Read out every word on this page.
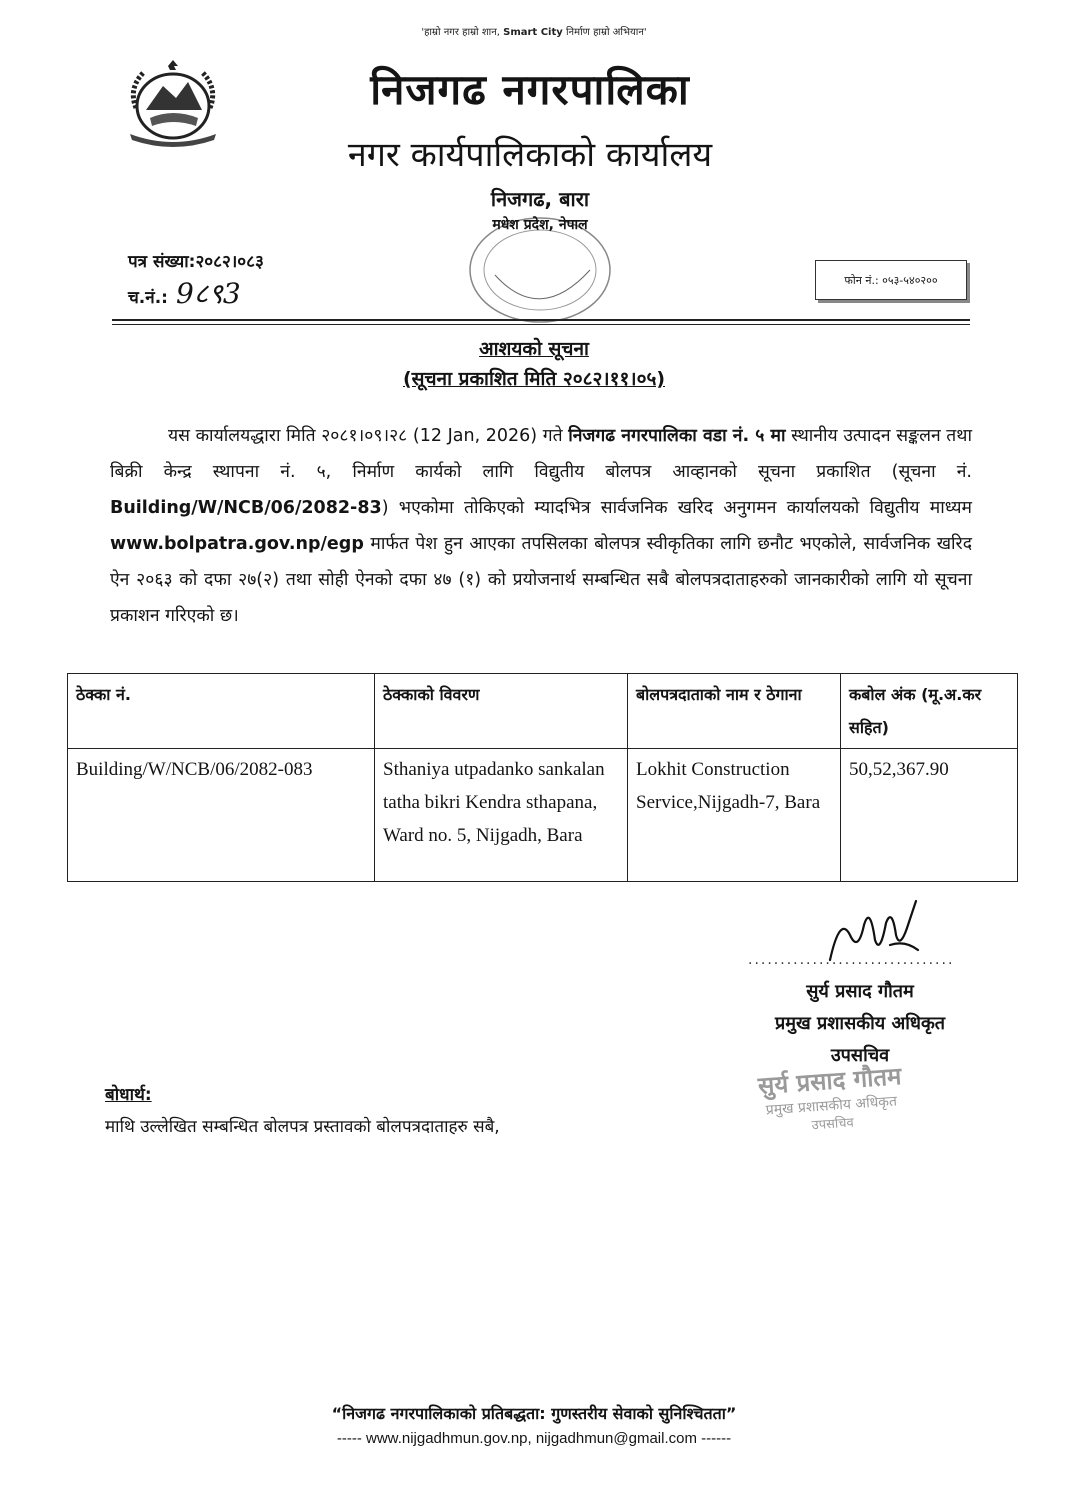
'हाम्रो नगर हाम्रो शान, Smart City निर्माण हाम्रो अभियान'
निजगढ नगरपालिका
नगर कार्यपालिकाको कार्यालय
निजगढ, बारा
मधेश प्रदेश, नेपाल
पत्र संख्या:२०८२।०८३
च.नं.: 9८९3	फोन नं.: ०५३-५४०२००
आशयको सूचना
(सूचना प्रकाशित मिति २०८२।११।०५)
यस कार्यालयद्धारा मिति २०८१।०९।२८ (12 Jan, 2026) गते निजगढ नगरपालिका वडा नं. ५ मा स्थानीय उत्पादन सङ्कलन तथा बिक्री केन्द्र स्थापना नं. ५, निर्माण कार्यको लागि विद्युतीय बोलपत्र आव्हानको सूचना प्रकाशित (सूचना नं. Building/W/NCB/06/2082-83) भएकोमा तोकिएको म्यादभित्र सार्वजनिक खरिद अनुगमन कार्यालयको विद्युतीय माध्यम www.bolpatra.gov.np/egp मार्फत पेश हुन आएका तपसिलका बोलपत्र स्वीकृतिका लागि छनौट भएकोले, सार्वजनिक खरिद ऐन २०६३ को दफा २७(२) तथा सोही ऐनको दफा ४७ (१) को प्रयोजनार्थ सम्बन्धित सबै बोलपत्रदाताहरुको जानकारीको लागि यो सूचना प्रकाशन गरिएको छ।
ठेक्का नं.	ठेक्काको विवरण	बोलपत्रदाताको नाम र ठेगाना	कबोल अंक (मू.अ.कर सहित)
Building/W/NCB/06/2082-083	Sthaniya utpadanko sankalan tatha bikri Kendra sthapana, Ward no. 5, Nijgadh, Bara	Lokhit Construction Service,Nijgadh-7, Bara	50,52,367.90
................................
सुर्य प्रसाद गौतम
प्रमुख प्रशासकीय अधिकृत
उपसचिव
सुर्य प्रसाद गौतम
प्रमुख प्रशासकीय अधिकृत
उपसचिव
बोधार्थ:
माथि उल्लेखित सम्बन्धित बोलपत्र प्रस्तावको बोलपत्रदाताहरु सबै,
“निजगढ नगरपालिकाको प्रतिबद्धता: गुणस्तरीय सेवाको सुनिश्चितता”
----- www.nijgadhmun.gov.np, nijgadhmun@gmail.com ------
